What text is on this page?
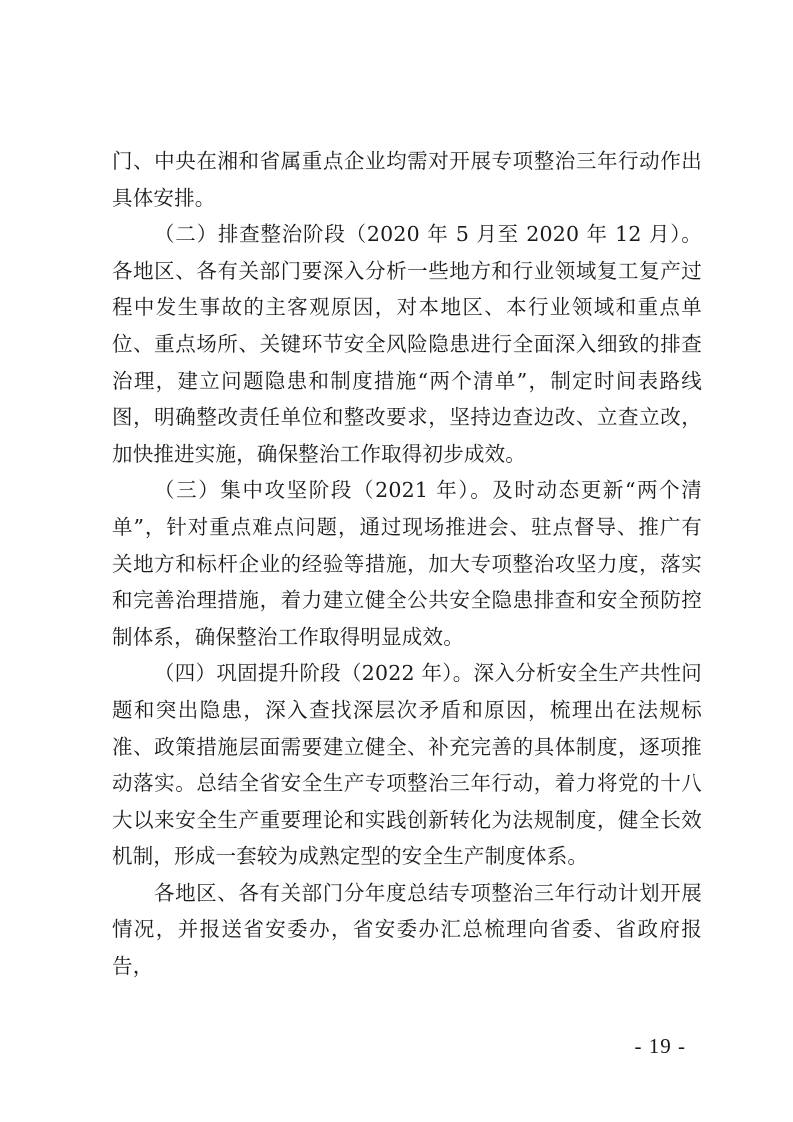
门、中央在湘和省属重点企业均需对开展专项整治三年行动作出具体安排。

（二）排查整治阶段（2020 年 5 月至 2020 年 12 月）。各地区、各有关部门要深入分析一些地方和行业领域复工复产过程中发生事故的主客观原因，对本地区、本行业领域和重点单位、重点场所、关键环节安全风险隐患进行全面深入细致的排查治理，建立问题隐患和制度措施“两个清单”，制定时间表路线图，明确整改责任单位和整改要求，坚持边查边改、立查立改，加快推进实施，确保整治工作取得初步成效。

（三）集中攻坚阶段（2021 年）。及时动态更新“两个清单”，针对重点难点问题，通过现场推进会、驻点督导、推广有关地方和标杆企业的经验等措施，加大专项整治攻坚力度，落实和完善治理措施，着力建立健全公共安全隐患排查和安全预防控制体系，确保整治工作取得明显成效。

（四）巩固提升阶段（2022 年）。深入分析安全生产共性问题和突出隐患，深入查找深层次矛盾和原因，梳理出在法规标准、政策措施层面需要建立健全、补充完善的具体制度，逐项推动落实。总结全省安全生产专项整治三年行动，着力将党的十八大以来安全生产重要理论和实践创新转化为法规制度，健全长效机制，形成一套较为成熟定型的安全生产制度体系。

各地区、各有关部门分年度总结专项整治三年行动计划开展情况，并报送省安委办，省安委办汇总梳理向省委、省政府报告，

- 19 -
